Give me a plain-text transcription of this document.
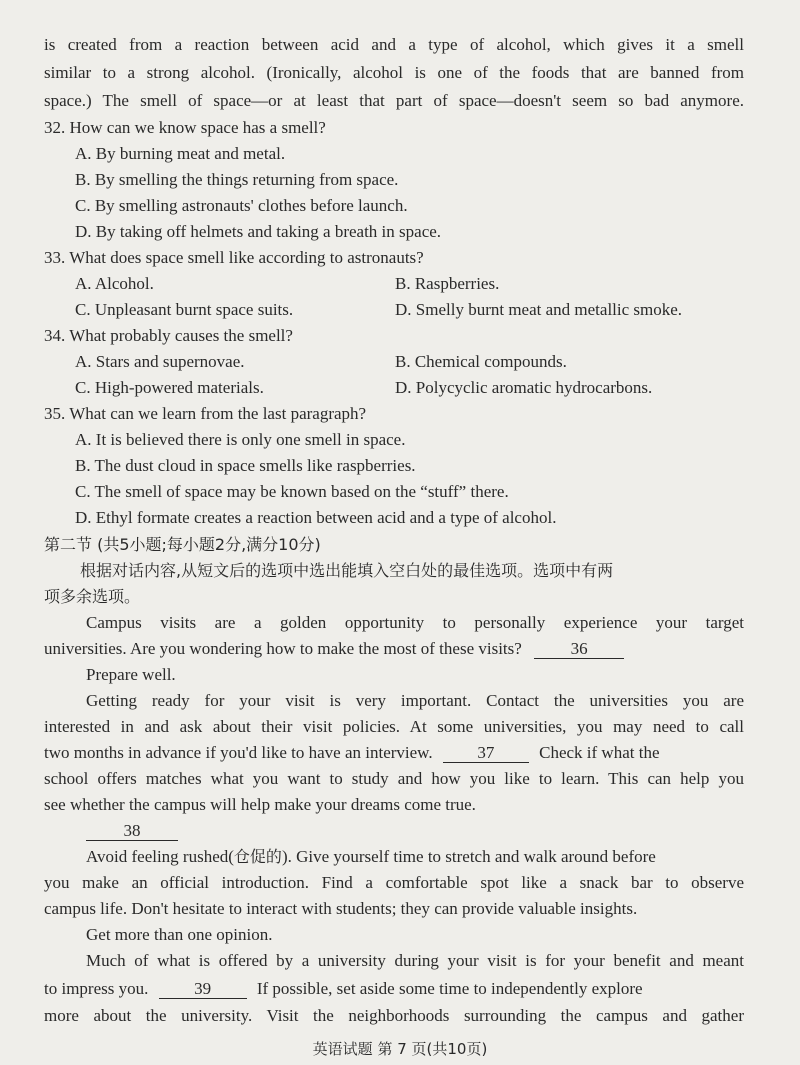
is created from a reaction between acid and a type of alcohol, which gives it a smell
similar to a strong alcohol. (Ironically, alcohol is one of the foods that are banned from
space.) The smell of space—or at least that part of space—doesn't seem so bad anymore.
32. How can we know space has a smell?
A. By burning meat and metal.
B. By smelling the things returning from space.
C. By smelling astronauts' clothes before launch.
D. By taking off helmets and taking a breath in space.
33. What does space smell like according to astronauts?
A. Alcohol.	B. Raspberries.
C. Unpleasant burnt space suits.	D. Smelly burnt meat and metallic smoke.
34. What probably causes the smell?
A. Stars and supernovae.	B. Chemical compounds.
C. High-powered materials.	D. Polycyclic aromatic hydrocarbons.
35. What can we learn from the last paragraph?
A. It is believed there is only one smell in space.
B. The dust cloud in space smells like raspberries.
C. The smell of space may be known based on the “stuff” there.
D. Ethyl formate creates a reaction between acid and a type of alcohol.
第二节 (共5小题;每小题2分,满分10分)
根据对话内容,从短文后的选项中选出能填入空白处的最佳选项。选项中有两
项多余选项。
Campus visits are a golden opportunity to personally experience your target
universities. Are you wondering how to make the most of these visits?	36
Prepare well.
Getting ready for your visit is very important. Contact the universities you are
interested in and ask about their visit policies. At some universities, you may need to call
two months in advance if you'd like to have an interview.	37	Check if what the
school offers matches what you want to study and how you like to learn. This can help you
see whether the campus will help make your dreams come true.
38
Avoid feeling rushed(仓促的). Give yourself time to stretch and walk around before
you make an official introduction. Find a comfortable spot like a snack bar to observe
campus life. Don't hesitate to interact with students; they can provide valuable insights.
Get more than one opinion.
Much of what is offered by a university during your visit is for your benefit and meant
to impress you.	39	If possible, set aside some time to independently explore
more about the university. Visit the neighborhoods surrounding the campus and gather
英语试题 第 7 页(共10页)
